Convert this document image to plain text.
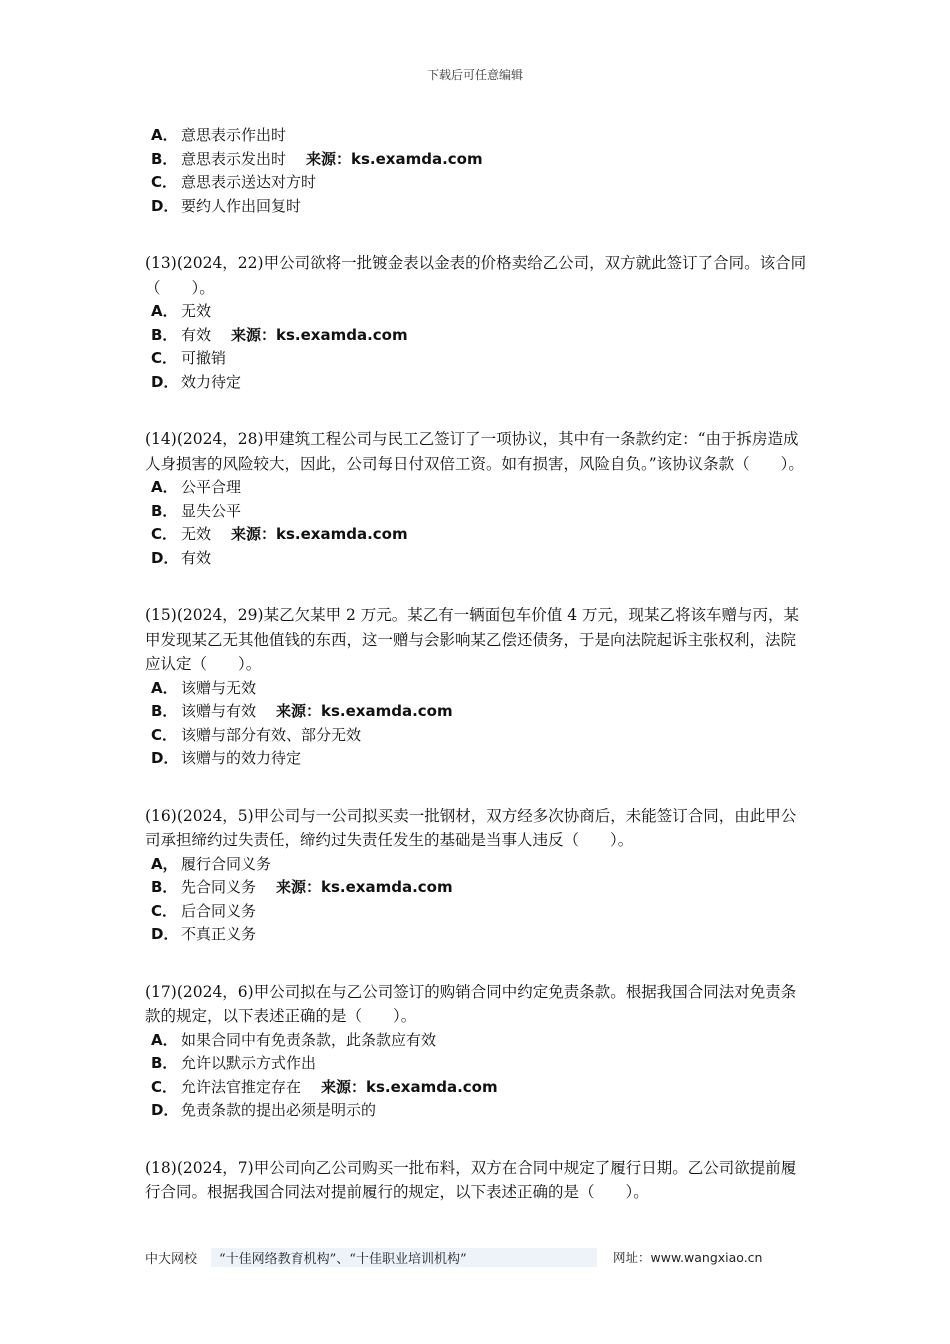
下载后可任意编辑
A． 意思表示作出时
B． 意思表示发出时 来源：ks.examda.com
C． 意思表示送达对方时
D． 要约人作出回复时

(13)(2024，22)甲公司欲将一批镀金表以金表的价格卖给乙公司，双方就此签订了合同。该合同（　　）。

A． 无效
B． 有效 来源：ks.examda.com
C． 可撤销
D． 效力待定

(14)(2024，28)甲建筑工程公司与民工乙签订了一项协议，其中有一条款约定：“由于拆房造成人身损害的风险较大，因此，公司每日付双倍工资。如有损害，风险自负。”该协议条款（　　）。

A． 公平合理
B． 显失公平
C． 无效 来源：ks.examda.com
D． 有效

(15)(2024，29)某乙欠某甲 2 万元。某乙有一辆面包车价值 4 万元，现某乙将该车赠与丙，某甲发现某乙无其他值钱的东西，这一赠与会影响某乙偿还债务，于是向法院起诉主张权利，法院应认定（　　）。

A． 该赠与无效
B． 该赠与有效 来源：ks.examda.com
C． 该赠与部分有效、部分无效
D． 该赠与的效力待定

(16)(2024，5)甲公司与一公司拟买卖一批钢材，双方经多次协商后，未能签订合同，由此甲公司承担缔约过失责任，缔约过失责任发生的基础是当事人违反（　　）。

A， 履行合同义务
B． 先合同义务 来源：ks.examda.com
C． 后合同义务
D． 不真正义务

(17)(2024，6)甲公司拟在与乙公司签订的购销合同中约定免责条款。根据我国合同法对免责条款的规定，以下表述正确的是（　　）。

A． 如果合同中有免责条款，此条款应有效
B． 允许以默示方式作出
C． 允许法官推定存在 来源：ks.examda.com
D． 免责条款的提出必须是明示的

(18)(2024，7)甲公司向乙公司购买一批布料，双方在合同中规定了履行日期。乙公司欲提前履行合同。根据我国合同法对提前履行的规定，以下表述正确的是（　　）。

中大网校	“十佳网络教育机构”、“十佳职业培训机构”	网址：www.wangxiao.cn
